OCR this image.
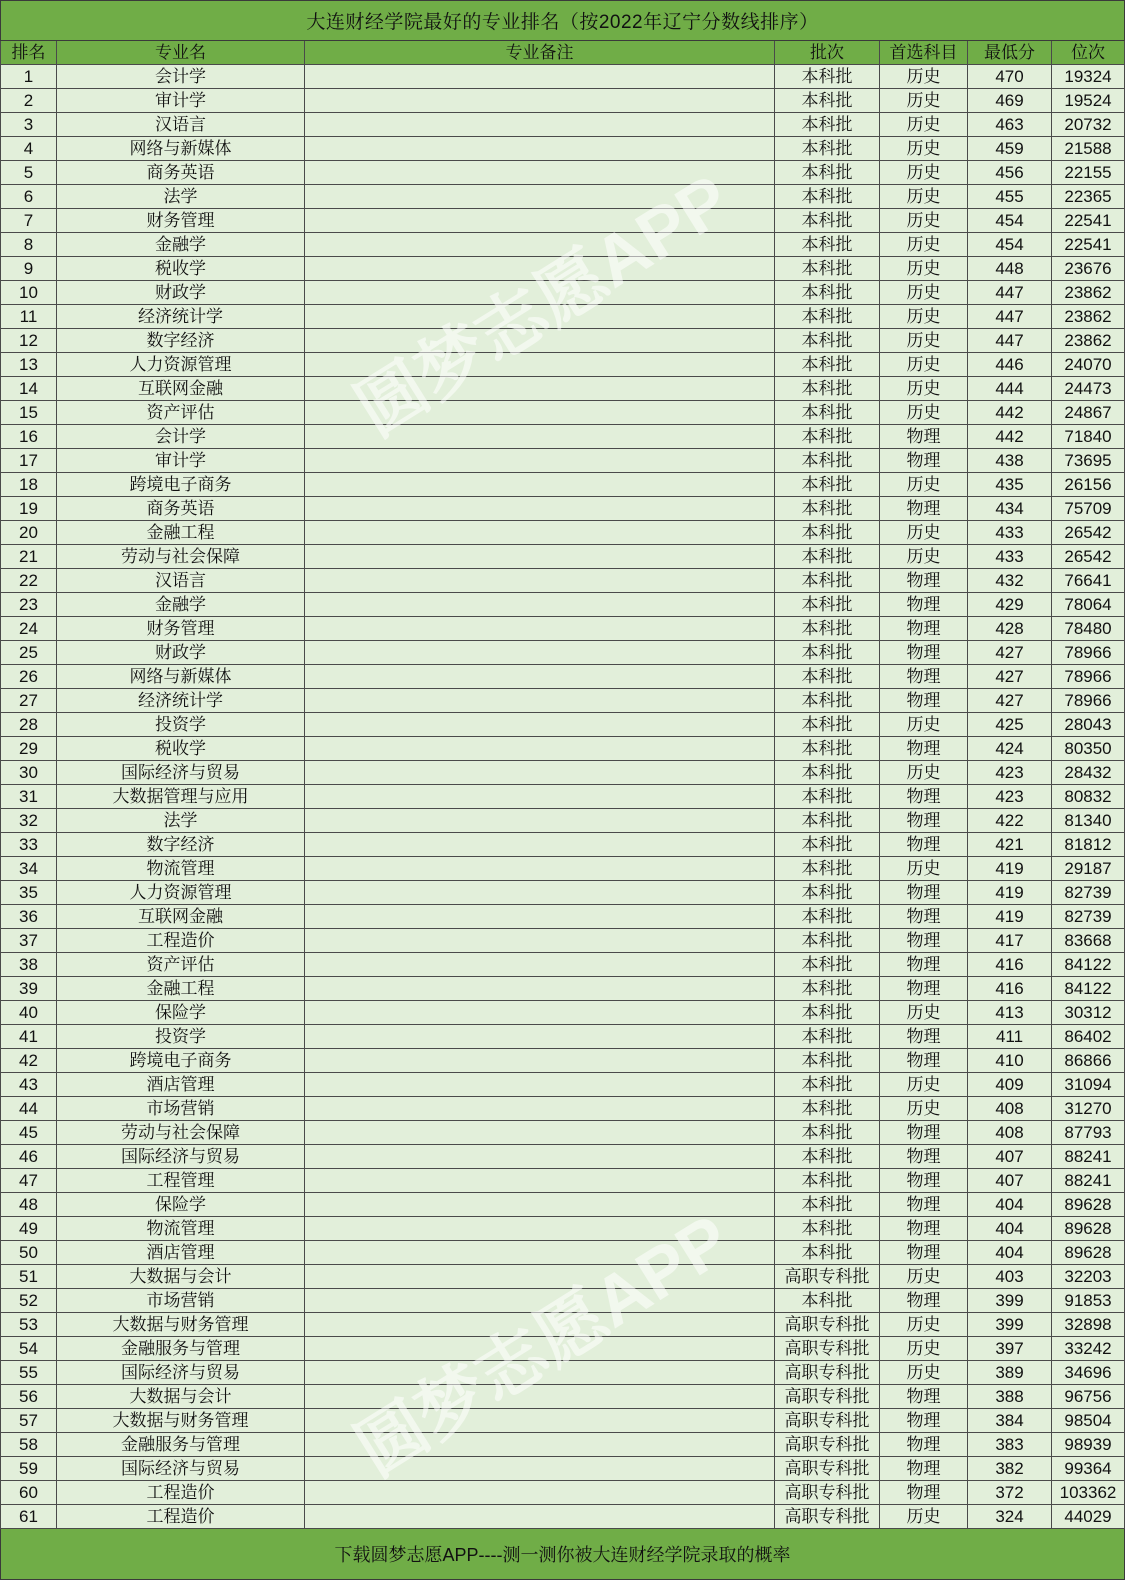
大连财经学院最好的专业排名（按2022年辽宁分数线排序）
排名	专业名	专业备注	批次	首选科目	最低分	位次
1	会计学	本科批	历史	470	19324
2	审计学	本科批	历史	469	19524
3	汉语言	本科批	历史	463	20732
4	网络与新媒体	本科批	历史	459	21588
5	商务英语	本科批	历史	456	22155
6	法学	本科批	历史	455	22365
7	财务管理	本科批	历史	454	22541
8	金融学	本科批	历史	454	22541
9	税收学	本科批	历史	448	23676
10	财政学	本科批	历史	447	23862
11	经济统计学	本科批	历史	447	23862
12	数字经济	本科批	历史	447	23862
13	人力资源管理	本科批	历史	446	24070
14	互联网金融	本科批	历史	444	24473
15	资产评估	本科批	历史	442	24867
16	会计学	本科批	物理	442	71840
17	审计学	本科批	物理	438	73695
18	跨境电子商务	本科批	历史	435	26156
19	商务英语	本科批	物理	434	75709
20	金融工程	本科批	历史	433	26542
21	劳动与社会保障	本科批	历史	433	26542
22	汉语言	本科批	物理	432	76641
23	金融学	本科批	物理	429	78064
24	财务管理	本科批	物理	428	78480
25	财政学	本科批	物理	427	78966
26	网络与新媒体	本科批	物理	427	78966
27	经济统计学	本科批	物理	427	78966
28	投资学	本科批	历史	425	28043
29	税收学	本科批	物理	424	80350
30	国际经济与贸易	本科批	历史	423	28432
31	大数据管理与应用	本科批	物理	423	80832
32	法学	本科批	物理	422	81340
33	数字经济	本科批	物理	421	81812
34	物流管理	本科批	历史	419	29187
35	人力资源管理	本科批	物理	419	82739
36	互联网金融	本科批	物理	419	82739
37	工程造价	本科批	物理	417	83668
38	资产评估	本科批	物理	416	84122
39	金融工程	本科批	物理	416	84122
40	保险学	本科批	历史	413	30312
41	投资学	本科批	物理	411	86402
42	跨境电子商务	本科批	物理	410	86866
43	酒店管理	本科批	历史	409	31094
44	市场营销	本科批	历史	408	31270
45	劳动与社会保障	本科批	物理	408	87793
46	国际经济与贸易	本科批	物理	407	88241
47	工程管理	本科批	物理	407	88241
48	保险学	本科批	物理	404	89628
49	物流管理	本科批	物理	404	89628
50	酒店管理	本科批	物理	404	89628
51	大数据与会计	高职专科批	历史	403	32203
52	市场营销	本科批	物理	399	91853
53	大数据与财务管理	高职专科批	历史	399	32898
54	金融服务与管理	高职专科批	历史	397	33242
55	国际经济与贸易	高职专科批	历史	389	34696
56	大数据与会计	高职专科批	物理	388	96756
57	大数据与财务管理	高职专科批	物理	384	98504
58	金融服务与管理	高职专科批	物理	383	98939
59	国际经济与贸易	高职专科批	物理	382	99364
60	工程造价	高职专科批	物理	372	103362
61	工程造价	高职专科批	历史	324	44029
下载圆梦志愿APP----测一测你被大连财经学院录取的概率
圆梦志愿APP
圆梦志愿APP
